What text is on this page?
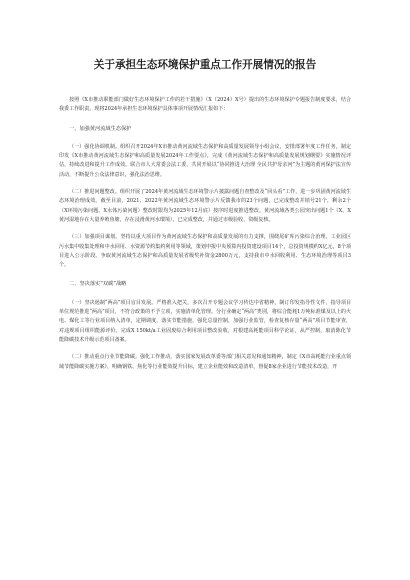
关于承担生态环境保护重点工作开展情况的报告

按照《X市推动职能部门做好生态环境保护工作的若干措施》（X（2024）X号）提出的生态环境保护专题报告制度要求，结合我委工作职责，现将2024年承担生态环境保护具体事项开展情况汇报如下：

一、加强黄河流域生态保护

（一）强化协调机制。组织召开2024年X市推动黄河流域生态保护和高质量发展领导小组会议，安排部署年度工作任务，制定印发《X市推动黄河流域生态保护和高质量发展2024年工作要点》，完成《黄河流域生态保护和高质量发展规划纲要》实施情况评估，持续改进和提升工作成效。联合市人大常委会法工委，共同开展以“协同推进大治理 全民共护母亲河”为主题的黄河保护法宣传活动，不断提升公众法律意识，强化法治思维。

（二）推进问题整改。组织开展了2024年黄河流域生态环境警示片披露问题自查整改及“回头看”工作，进一步巩固黄河流域生态环境治理成效。截至目前，2021、2022年黄河流域生态环境警示片反馈我市的23个问题，已完成整改并销号21个，剩余2个（X环境污染问题、X水体污染问题）整改时限均为2025年12月底）按序时进度推进整改。黄河流域各类公园突出问题1个（X、X黄河湿地存在大量养殖鱼塘，存在浸滑黄河水環境），已完成整改，并通过市级验收，资级复核。

（三）加强项目谋划。坚持以重大项目作为黄河流域生态保护和高质量发展的有力支撑，围绕尾矿库污染综合治理、工业园区污水集中收集处理和中水回用、水资源节约集约利用等领域，策划申报中央预算内投资建设项目14个，总投资规模约X亿元，8个项目进入公示阶段。争取黄河流域生态保护和高质量发展省级奖补资金2800万元，支持我市中水回收利用、生态环境治理等项目3个。

二、坚决落实“双碳”战略

（一）坚决遏制“两高”项目盲目发展。严格准入把关，多次召开专题会议学习传达中省精神，制订印发指导性文件，指导项目单位规范推进“两高”项目，不符合政策的不予立项，实施清单化管理。分行业确定“两高”类别，将综合能耗1万吨标准煤及以上的火电、煤化工等行业项目纳入清单，定期调度，落实节能措施，强化总量控制，加强行业监管，检查复核存量“两高”项目节能审查，对违规项目组织能源评价。完成X 150kt/a工业固废综合利用项目整改验收，对根建高耗能项目科学论证，从严控制，取消陈化节能降碳技术升级示范项目备案。

（二）推动重点行业节能降碳。强化工作推动，落实国家发展改革委等部门相关意见和通知精神，制定《X市高耗能行业重点领域节能降碳实施方案》，明确钢铁、焦化等行业能效提升目标，建立企业能效和改造清单，督促8家企业进行节能技术改造，开
